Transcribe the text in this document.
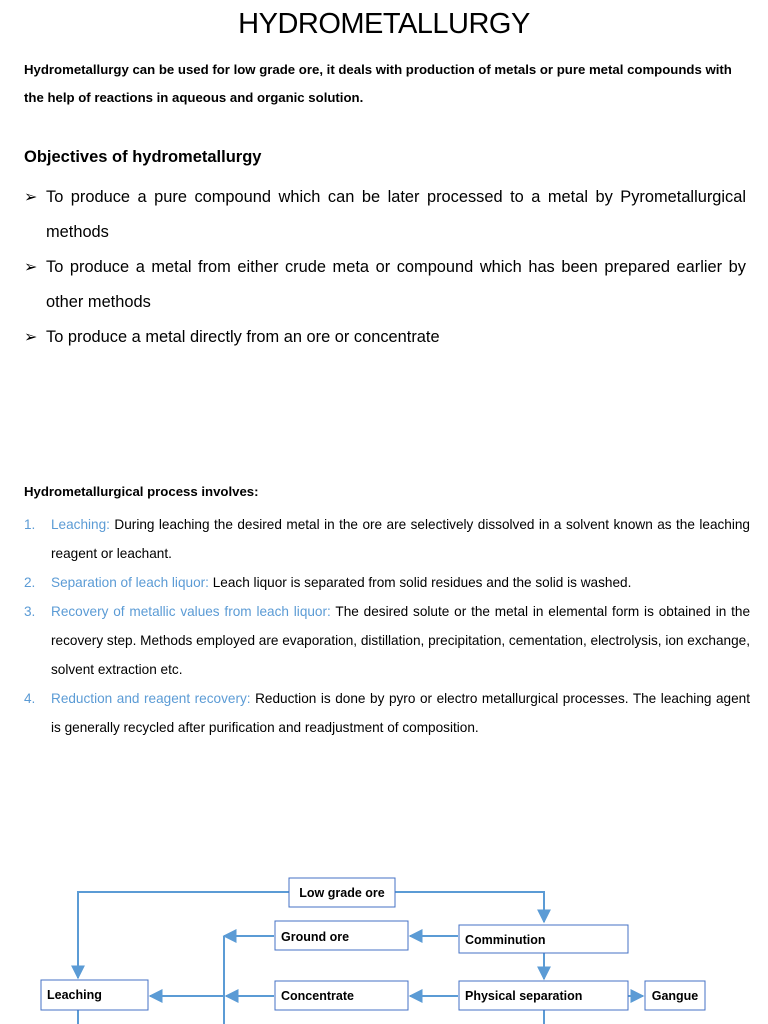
HYDROMETALLURGY
Hydrometallurgy can be used for low grade ore, it deals with production of metals or pure metal compounds with the help of reactions in aqueous and organic solution.
Objectives of hydrometallurgy
➢ To produce a pure compound which can be later processed to a metal by Pyrometallurgical methods
➢ To produce a metal from either crude meta or compound which has been prepared earlier by other methods
➢ To produce a metal directly from an ore or concentrate
Hydrometallurgical process involves:
1. Leaching: During leaching the desired metal in the ore are selectively dissolved in a solvent known as the leaching reagent or leachant.
2. Separation of leach liquor: Leach liquor is separated from solid residues and the solid is washed.
3. Recovery of metallic values from leach liquor: The desired solute or the metal in elemental form is obtained in the recovery step. Methods employed are evaporation, distillation, precipitation, cementation, electrolysis, ion exchange, solvent extraction etc.
4. Reduction and reagent recovery: Reduction is done by pyro or electro metallurgical processes. The leaching agent is generally recycled after purification and readjustment of composition.
Low grade ore
Ground ore	Comminution
Leaching	Concentrate	Physical separation	Gangue
